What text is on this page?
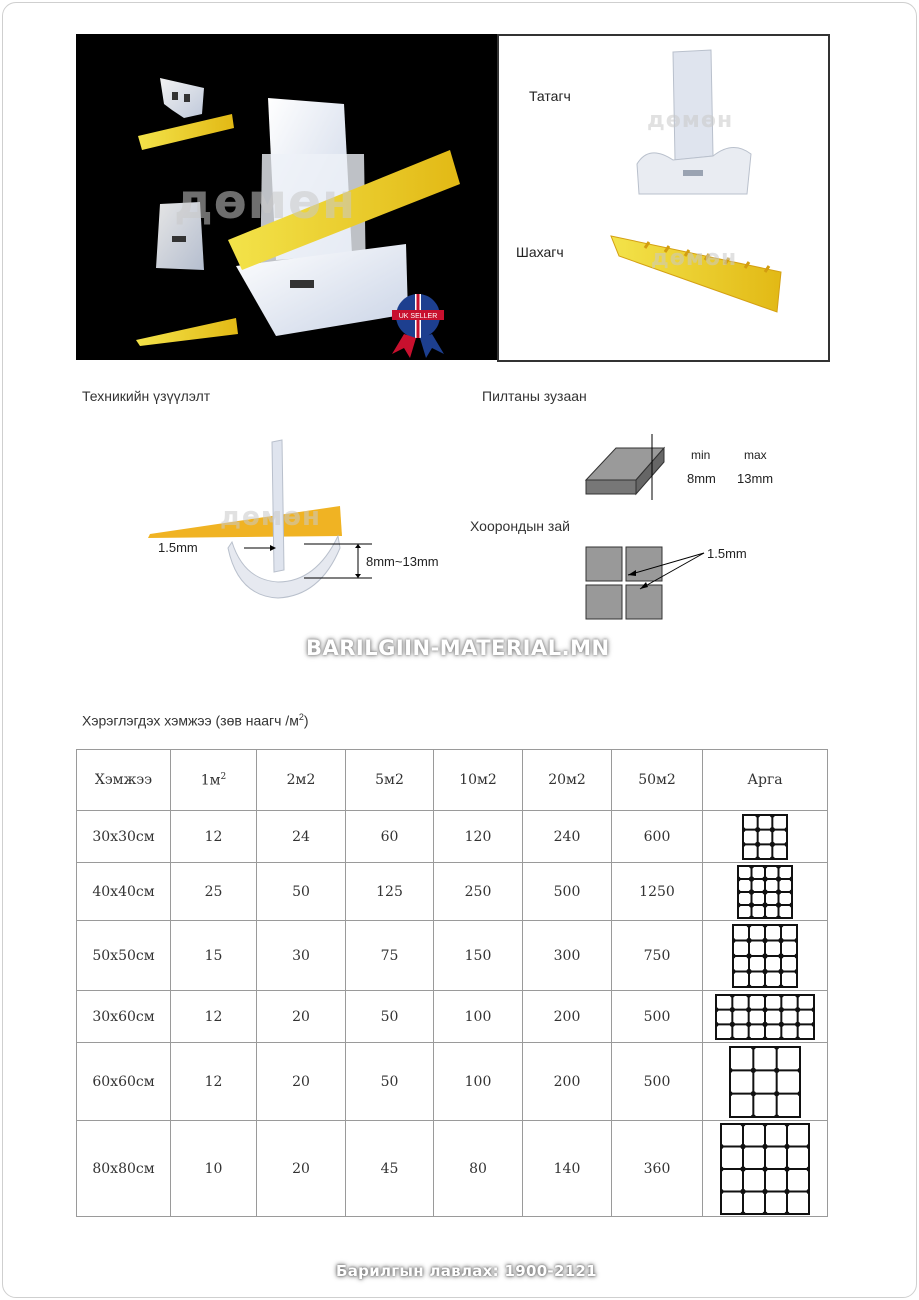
UK SELLER
дөмөн
Татагч
дөмөн
Шахагч	дөмөн
Техникийн үзүүлэлт
1.5mm
8mm~13mm
дөмөн
Пилтаны зузаан
min	max
8mm 13mm
Хоорондын зай
1.5mm
BARILGIIN-MATERIAL.MN
Хэрэглэгдэх хэмжээ (зөв наагч $/м^2$)
Хэмжээ	$1м^2$	2м2	5м2	10м2	20м2	50м2	Арга
30x30см	12	24	60	120	240	600	

40x40см	25	50	125	250	500	1250	

50x50см	15	30	75	150	300	750	

30x60см	12	20	50	100	200	500	

60x60см	12	20	50	100	200	500	

80x80см	10	20	45	80	140	360	
Барилгын лавлах: 1900-2121
